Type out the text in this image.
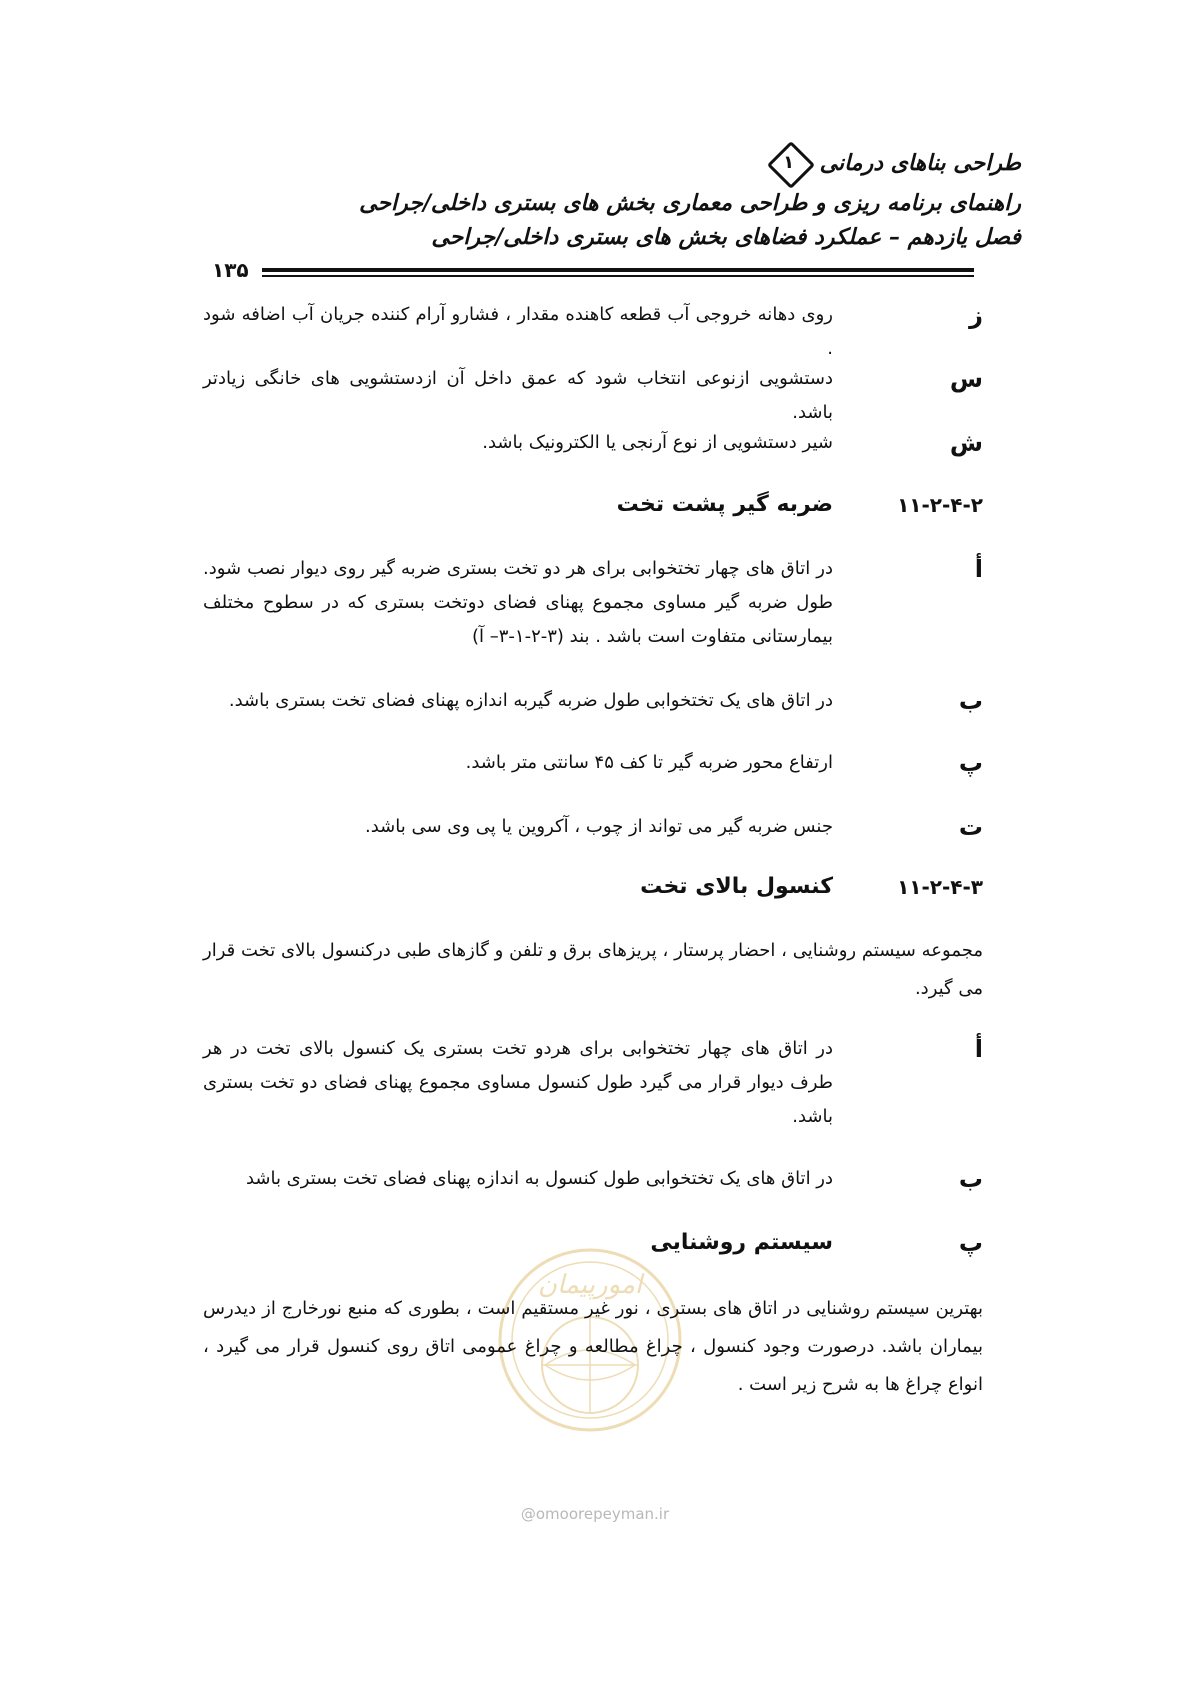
طراحی بناهای درمانی
۱
راهنمای برنامه ریزی و طراحی معماری بخش های بستری داخلی/جراحی
فصل یازدهم – عملکرد فضاهای بخش های بستری داخلی/جراحی
۱۳۵
ز
روی دهانه خروجی آب قطعه کاهنده مقدار ، فشارو آرام کننده جریان آب اضافه شود .
س
دستشویی ازنوعی انتخاب شود که عمق داخل آن ازدستشویی های خانگی زیادتر باشد.
ش
شیر دستشویی از نوع آرنجی یا الکترونیک باشد.
۱۱-۲-۴-۲
ضربه گیر پشت تخت
أ
در اتاق های چهار تختخوابی برای هر دو تخت بستری ضربه گیر روی دیوار نصب شود. طول ضربه گیر مساوی مجموع پهنای فضای دوتخت بستری که در سطوح مختلف بیمارستانی متفاوت است باشد . بند (۳-۲-۱-۳– آ)
ب
در اتاق های یک تختخوابی طول ضربه گیربه اندازه پهنای فضای تخت بستری باشد.
پ
ارتفاع محور ضربه گیر تا کف ۴۵ سانتی متر باشد.
ت
جنس ضربه گیر می تواند از چوب ، آکروین یا پی وی سی باشد.
۱۱-۲-۴-۳
کنسول بالای تخت
مجموعه سیستم روشنایی ، احضار پرستار ، پریزهای برق و تلفن و گازهای طبی درکنسول بالای تخت قرار می گیرد.
أ
در اتاق های چهار تختخوابی برای هردو تخت بستری یک کنسول بالای تخت در هر طرف دیوار قرار می گیرد طول کنسول مساوی مجموع پهنای فضای دو تخت بستری باشد.
ب
در اتاق های یک تختخوابی طول کنسول به اندازه پهنای فضای تخت بستری باشد
پ
سیستم روشنایی
امورپیمان
@omoorepeyman.ir
بهترین سیستم روشنایی در اتاق های بستری ، نور غیر مستقیم است ، بطوری که منبع نورخارج از دیدرس بیماران باشد. درصورت وجود کنسول ، چراغ مطالعه و چراغ عمومی اتاق روی کنسول قرار می گیرد ، انواع چراغ ها به شرح زیر است .
